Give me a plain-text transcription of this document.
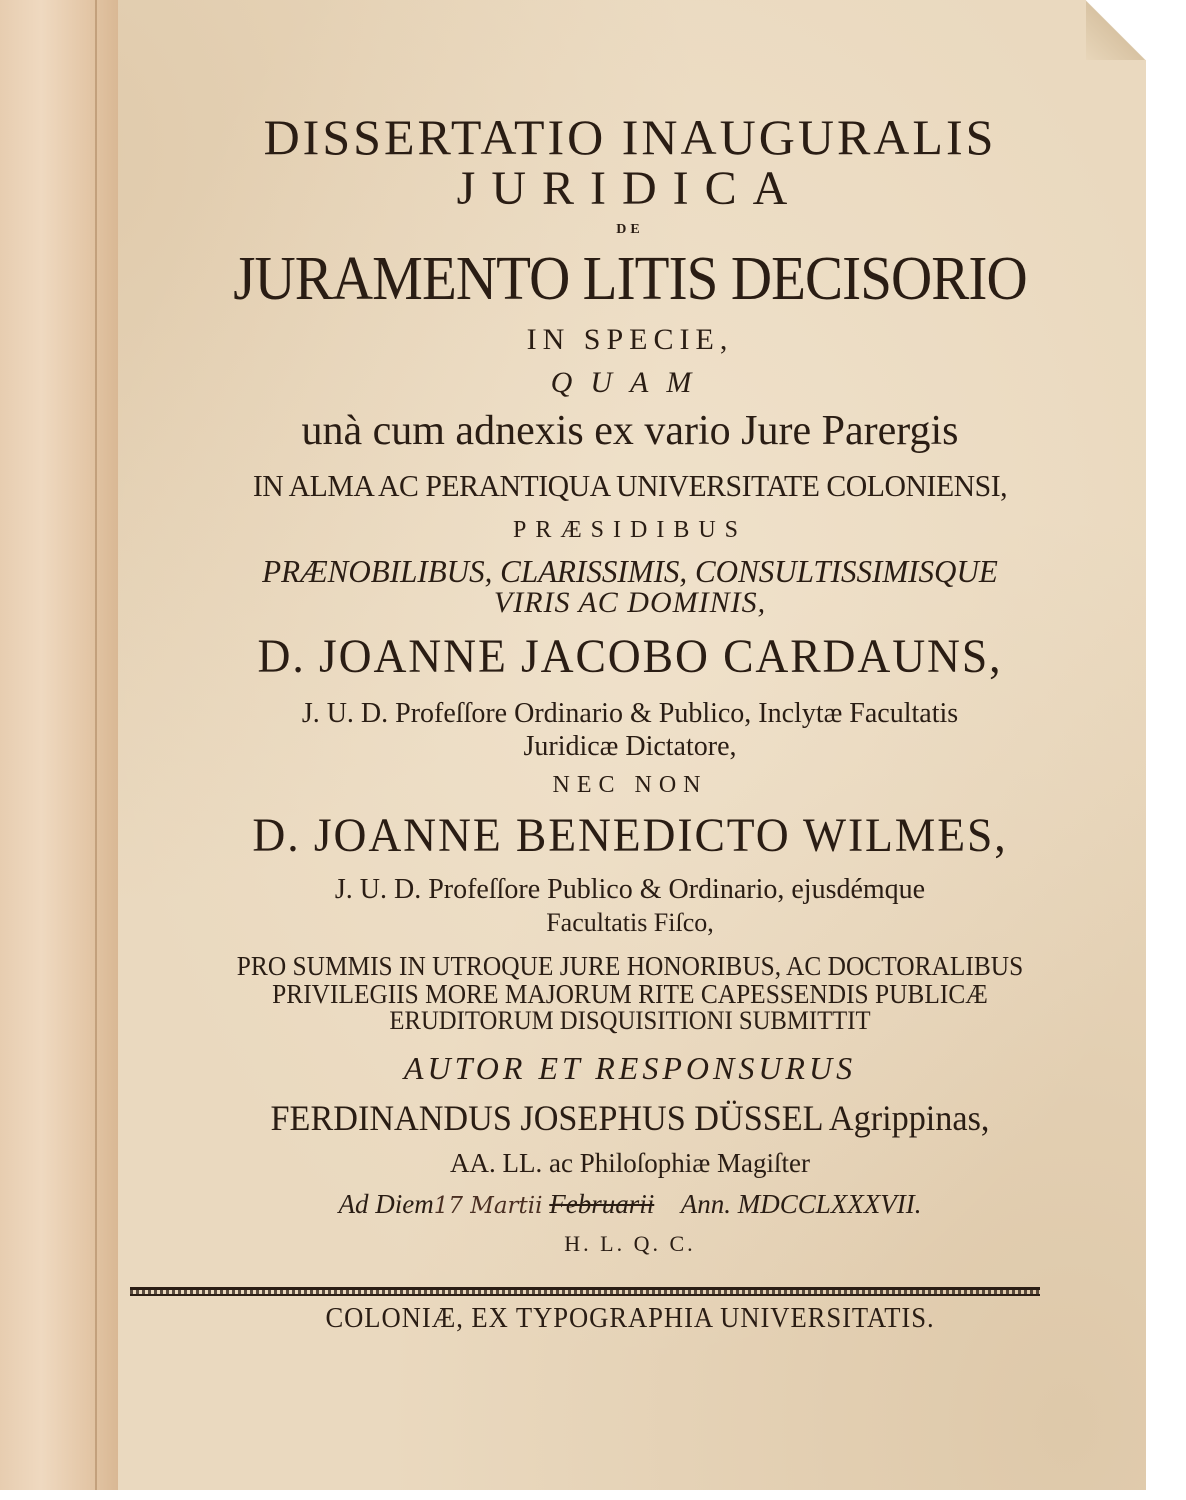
DISSERTATIO INAUGURALIS
JURIDICA
DE
JURAMENTO LITIS DECISORIO
IN SPECIE,
QUAM
unà cum adnexis ex vario Jure Parergis
IN ALMA AC PERANTIQUA UNIVERSITATE COLONIENSI,
PRÆSIDIBUS
PRÆNOBILIBUS, CLARISSIMIS, CONSULTISSIMISQUE
VIRIS AC DOMINIS,
D. JOANNE JACOBO CARDAUNS,
J. U. D. Profeſſore Ordinario & Publico, Inclytæ Facultatis
Juridicæ Dictatore,
NEC NON
D. JOANNE BENEDICTO WILMES,
J. U. D. Profeſſore Publico & Ordinario, ejusdémque
Facultatis Fiſco,
PRO SUMMIS IN UTROQUE JURE HONORIBUS, AC DOCTORALIBUS
PRIVILEGIIS MORE MAJORUM RITE CAPESSENDIS PUBLICÆ
ERUDITORUM DISQUISITIONI SUBMITTIT
AUTOR ET RESPONSURUS
FERDINANDUS JOSEPHUS DÜSSEL Agrippinas,
AA. LL. ac Philoſophiæ Magiſter
Ad Diem17 Martii Februarii Ann. MDCCLXXXVII.
H. L. Q. C.
COLONIÆ, EX TYPOGRAPHIA UNIVERSITATIS.
